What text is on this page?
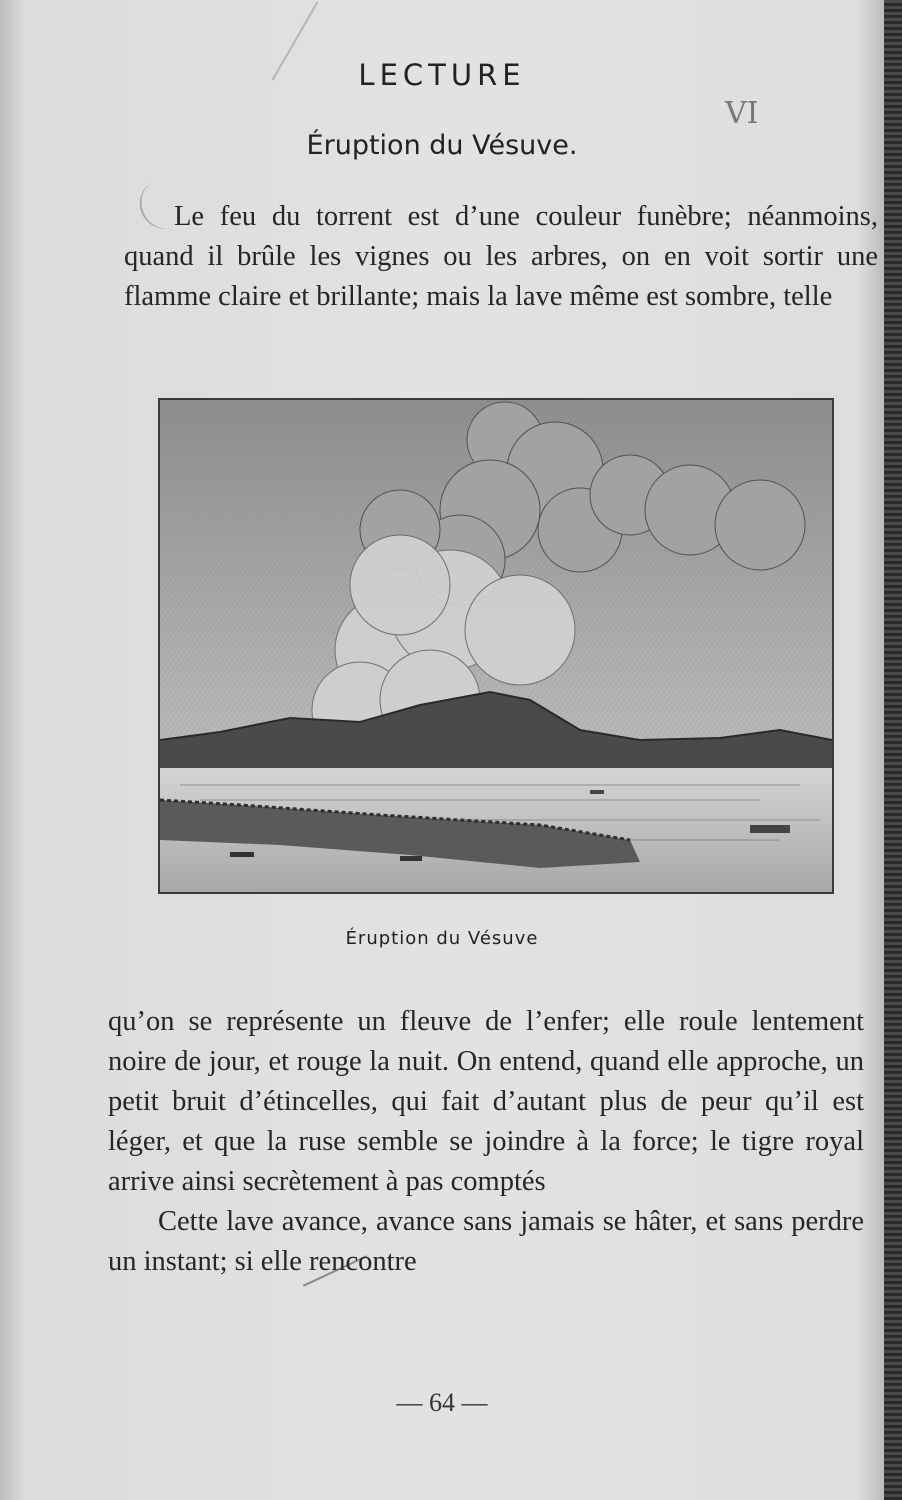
LECTURE
VI
Éruption du Vésuve.

Le feu du torrent est d’une couleur funèbre; néanmoins, quand il brûle les vignes ou les arbres, on en voit sortir une flamme claire et brillante; mais la lave même est sombre, telle

Éruption du Vésuve

qu’on se représente un fleuve de l’enfer; elle roule lentement noire de jour, et rouge la nuit. On entend, quand elle approche, un petit bruit d’étincelles, qui fait d’autant plus de peur qu’il est léger, et que la ruse semble se joindre à la force; le tigre royal arrive ainsi secrètement à pas comptés

Cette lave avance, avance sans jamais se hâter, et sans perdre un instant; si elle rencontre

— 64 —
